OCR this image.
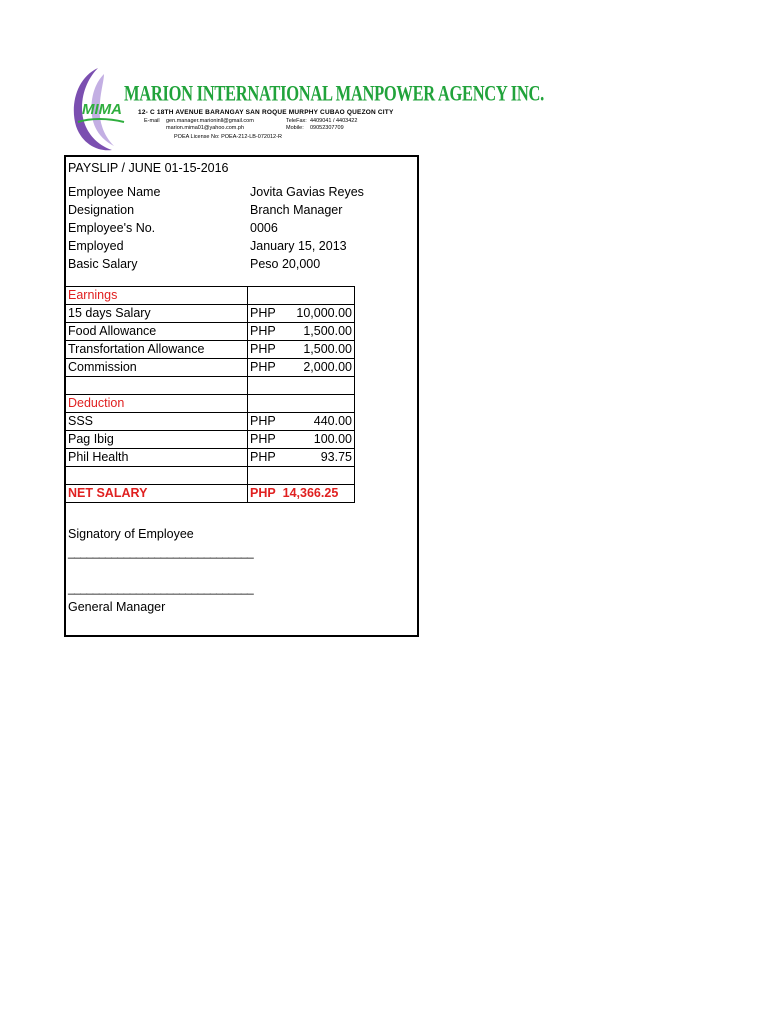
MIMA
MARION INTERNATIONAL MANPOWER AGENCY INC.
12- C 18TH AVENUE BARANGAY SAN ROQUE MURPHY CUBAO QUEZON CITY
E-mail gen.manager.marioninll@gmail.com
marion.mima01@yahoo.com.ph
TeleFax: 4409041 / 4403422
Mobile: 09052307709
POEA License No: POEA-212-LB-072012-R
PAYSLIP / JUNE 01-15-2016
Employee Name	Jovita Gavias Reyes
Designation	Branch Manager
Employee's No.	0006
Employed	January 15, 2013
Basic Salary	Peso 20,000
Earnings	
15 days Salary	PHP 10,000.00

Food Allowance	PHP 1,500.00

Transfortation Allowance	PHP 1,500.00

Commission	PHP 2,000.00

Deduction	
SSS	PHP 440.00

Pag Ibig	PHP 100.00

Phil Health	PHP 93.75

NET SALARY	PHP 14,366.25
Signatory of Employee
______________________________
______________________________
General Manager
